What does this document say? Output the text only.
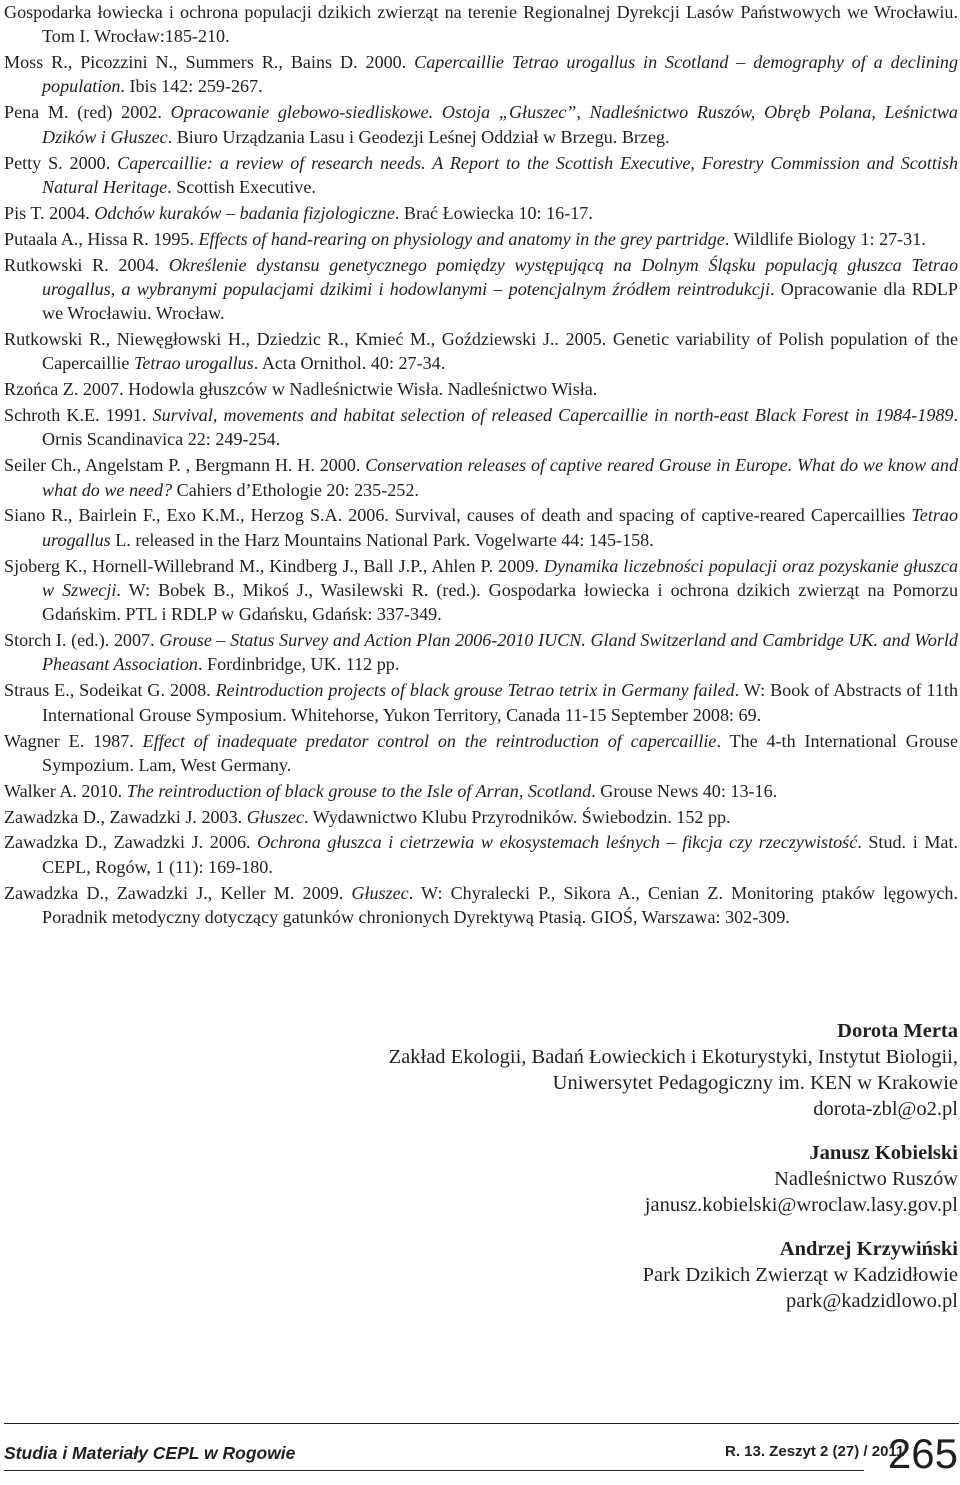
Gospodarka łowiecka i ochrona populacji dzikich zwierząt na terenie Regionalnej Dyrekcji Lasów Państwowych we Wrocławiu. Tom I. Wrocław:185-210.

Moss R., Picozzini N., Summers R., Bains D. 2000. Capercaillie Tetrao urogallus in Scotland – demography of a declining population. Ibis 142: 259-267.

Pena M. (red) 2002. Opracowanie glebowo-siedliskowe. Ostoja „Głuszec”, Nadleśnictwo Ruszów, Obręb Polana, Leśnictwa Dzików i Głuszec. Biuro Urządzania Lasu i Geodezji Leśnej Oddział w Brzegu. Brzeg.

Petty S. 2000. Capercaillie: a review of research needs. A Report to the Scottish Executive, Forestry Commission and Scottish Natural Heritage. Scottish Executive.

Pis T. 2004. Odchów kuraków – badania fizjologiczne. Brać Łowiecka 10: 16-17.

Putaala A., Hissa R. 1995. Effects of hand-rearing on physiology and anatomy in the grey partridge. Wildlife Biology 1: 27-31.

Rutkowski R. 2004. Określenie dystansu genetycznego pomiędzy występującą na Dolnym Śląsku populacją głuszca Tetrao urogallus, a wybranymi populacjami dzikimi i hodowlanymi – potencjalnym źródłem reintrodukcji. Opracowanie dla RDLP we Wrocławiu. Wrocław.

Rutkowski R., Niewęgłowski H., Dziedzic R., Kmieć M., Goździewski J.. 2005. Genetic variability of Polish population of the Capercaillie Tetrao urogallus. Acta Ornithol. 40: 27-34.

Rzońca Z. 2007. Hodowla głuszców w Nadleśnictwie Wisła. Nadleśnictwo Wisła.

Schroth K.E. 1991. Survival, movements and habitat selection of released Capercaillie in north-east Black Forest in 1984-1989. Ornis Scandinavica 22: 249-254.

Seiler Ch., Angelstam P. , Bergmann H. H. 2000. Conservation releases of captive reared Grouse in Europe. What do we know and what do we need? Cahiers d’Ethologie 20: 235-252.

Siano R., Bairlein F., Exo K.M., Herzog S.A. 2006. Survival, causes of death and spacing of captive-reared Capercaillies Tetrao urogallus L. released in the Harz Mountains National Park. Vogelwarte 44: 145-158.

Sjoberg K., Hornell-Willebrand M., Kindberg J., Ball J.P., Ahlen P. 2009. Dynamika liczebności populacji oraz pozyskanie głuszca w Szwecji. W: Bobek B., Mikoś J., Wasilewski R. (red.). Gospodarka łowiecka i ochrona dzikich zwierząt na Pomorzu Gdańskim. PTL i RDLP w Gdańsku, Gdańsk: 337-349.

Storch I. (ed.). 2007. Grouse – Status Survey and Action Plan 2006-2010 IUCN. Gland Switzerland and Cambridge UK. and World Pheasant Association. Fordinbridge, UK. 112 pp.

Straus E., Sodeikat G. 2008. Reintroduction projects of black grouse Tetrao tetrix in Germany failed. W: Book of Abstracts of 11th International Grouse Symposium. Whitehorse, Yukon Territory, Canada 11-15 September 2008: 69.

Wagner E. 1987. Effect of inadequate predator control on the reintroduction of capercaillie. The 4-th International Grouse Sympozium. Lam, West Germany.

Walker A. 2010. The reintroduction of black grouse to the Isle of Arran, Scotland. Grouse News 40: 13-16.

Zawadzka D., Zawadzki J. 2003. Głuszec. Wydawnictwo Klubu Przyrodników. Świebodzin. 152 pp.

Zawadzka D., Zawadzki J. 2006. Ochrona głuszca i cietrzewia w ekosystemach leśnych – fikcja czy rzeczywistość. Stud. i Mat. CEPL, Rogów, 1 (11): 169-180.

Zawadzka D., Zawadzki J., Keller M. 2009. Głuszec. W: Chyralecki P., Sikora A., Cenian Z. Monitoring ptaków lęgowych. Poradnik metodyczny dotyczący gatunków chronionych Dyrektywą Ptasią. GIOŚ, Warszawa: 302-309.

Dorota Merta
Zakład Ekologii, Badań Łowieckich i Ekoturystyki, Instytut Biologii,
Uniwersytet Pedagogiczny im. KEN w Krakowie
dorota-zbl@o2.pl
Janusz Kobielski
Nadleśnictwo Ruszów
janusz.kobielski@wroclaw.lasy.gov.pl
Andrzej Krzywiński
Park Dzikich Zwierząt w Kadzidłowie
park@kadzidlowo.pl
Studia i Materiały CEPL w Rogowie	R. 13. Zeszyt 2 (27) / 2011
265
